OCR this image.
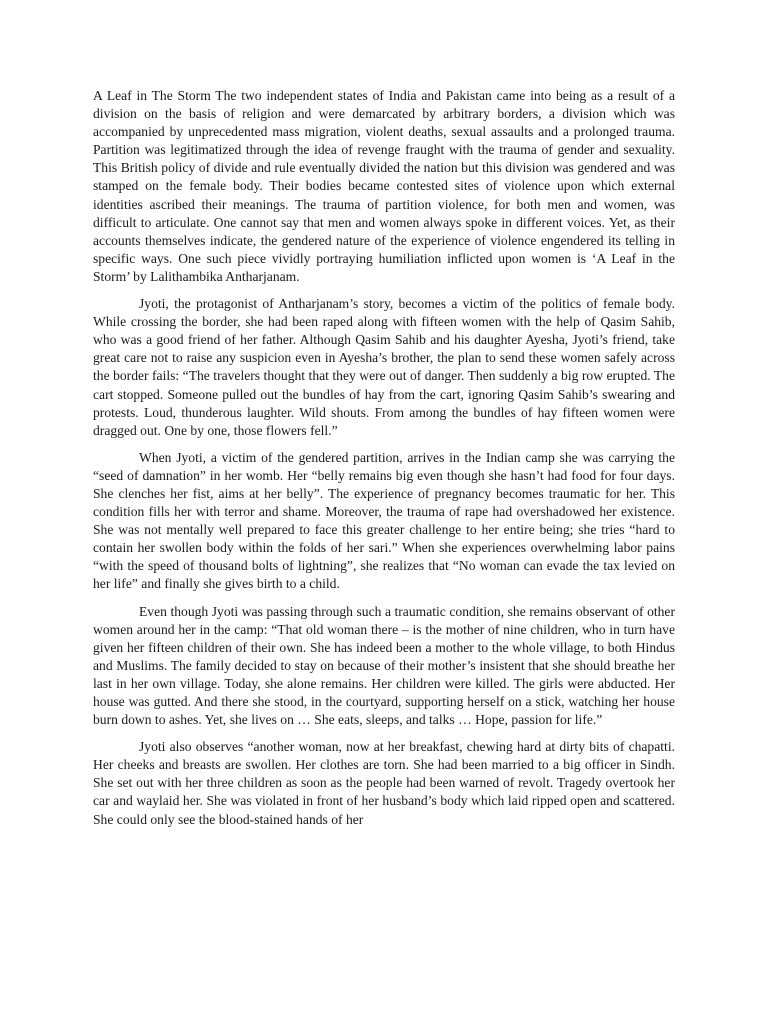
A Leaf in The Storm The two independent states of India and Pakistan came into being as a result of a division on the basis of religion and were demarcated by arbitrary borders, a division which was accompanied by unprecedented mass migration, violent deaths, sexual assaults and a prolonged trauma. Partition was legitimatized through the idea of revenge fraught with the trauma of gender and sexuality. This British policy of divide and rule eventually divided the nation but this division was gendered and was stamped on the female body. Their bodies became contested sites of violence upon which external identities ascribed their meanings. The trauma of partition violence, for both men and women, was difficult to articulate. One cannot say that men and women always spoke in different voices. Yet, as their accounts themselves indicate, the gendered nature of the experience of violence engendered its telling in specific ways. One such piece vividly portraying humiliation inflicted upon women is ‘A Leaf in the Storm’ by Lalithambika Antharjanam.

Jyoti, the protagonist of Antharjanam’s story, becomes a victim of the politics of female body. While crossing the border, she had been raped along with fifteen women with the help of Qasim Sahib, who was a good friend of her father. Although Qasim Sahib and his daughter Ayesha, Jyoti’s friend, take great care not to raise any suspicion even in Ayesha’s brother, the plan to send these women safely across the border fails: “The travelers thought that they were out of danger. Then suddenly a big row erupted. The cart stopped. Someone pulled out the bundles of hay from the cart, ignoring Qasim Sahib’s swearing and protests. Loud, thunderous laughter. Wild shouts. From among the bundles of hay fifteen women were dragged out. One by one, those flowers fell.”

When Jyoti, a victim of the gendered partition, arrives in the Indian camp she was carrying the “seed of damnation” in her womb. Her “belly remains big even though she hasn’t had food for four days. She clenches her fist, aims at her belly”. The experience of pregnancy becomes traumatic for her. This condition fills her with terror and shame. Moreover, the trauma of rape had overshadowed her existence. She was not mentally well prepared to face this greater challenge to her entire being; she tries “hard to contain her swollen body within the folds of her sari.” When she experiences overwhelming labor pains “with the speed of thousand bolts of lightning”, she realizes that “No woman can evade the tax levied on her life” and finally she gives birth to a child.

Even though Jyoti was passing through such a traumatic condition, she remains observant of other women around her in the camp: “That old woman there – is the mother of nine children, who in turn have given her fifteen children of their own. She has indeed been a mother to the whole village, to both Hindus and Muslims. The family decided to stay on because of their mother’s insistent that she should breathe her last in her own village. Today, she alone remains. Her children were killed. The girls were abducted. Her house was gutted. And there she stood, in the courtyard, supporting herself on a stick, watching her house burn down to ashes. Yet, she lives on … She eats, sleeps, and talks … Hope, passion for life.”

Jyoti also observes “another woman, now at her breakfast, chewing hard at dirty bits of chapatti. Her cheeks and breasts are swollen. Her clothes are torn. She had been married to a big officer in Sindh. She set out with her three children as soon as the people had been warned of revolt. Tragedy overtook her car and waylaid her. She was violated in front of her husband’s body which laid ripped open and scattered. She could only see the blood-stained hands of her
